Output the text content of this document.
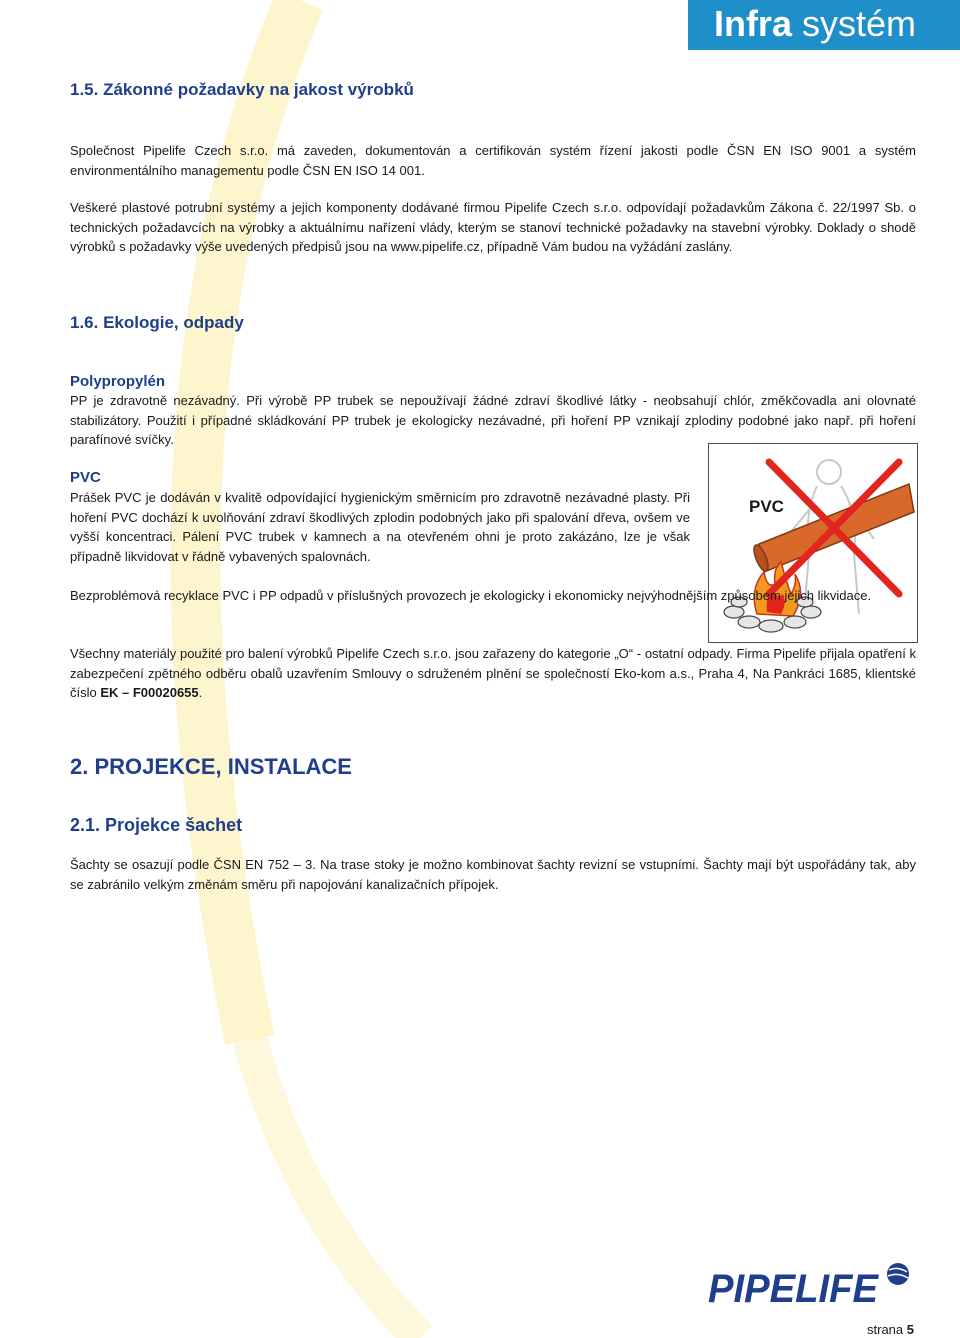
Infra systém
1.5. Zákonné požadavky na jakost výrobků

Společnost Pipelife Czech s.r.o. má zaveden, dokumentován a certifikován systém řízení jakosti podle ČSN EN ISO 9001 a systém environmentálního managementu podle ČSN EN ISO 14 001.

Veškeré plastové potrubní systémy a jejich komponenty dodávané firmou Pipelife Czech s.r.o. odpovídají požadavkům Zákona č. 22/1997 Sb. o technických požadavcích na výrobky a aktuálnímu nařízení vlády, kterým se stanoví technické požadavky na stavební výrobky. Doklady o shodě výrobků s požadavky výše uvedených předpisů jsou na www.pipelife.cz, případně Vám budou na vyžádání zaslány.

1.6. Ekologie, odpady
Polypropylén

PP je zdravotně nezávadný. Při výrobě PP trubek se nepoužívají žádné zdraví škodlivé látky - neobsahují chlór, změkčovadla ani olovnaté stabilizátory. Použití i případné skládkování PP trubek je ekologicky nezávadné, při hoření PP vznikají zplodiny podobné jako např. při hoření parafínové svíčky.

PVC

Prášek PVC je dodáván v kvalitě odpovídající hygienickým směrnicím pro zdravotně nezávadné plasty. Při hoření PVC dochází k uvolňování zdraví škodlivých zplodin podobných jako při spalování dřeva, ovšem ve vyšší koncentraci. Pálení PVC trubek v kamnech a na otevřeném ohni je proto zakázáno, lze je však případně likvidovat v řádně vybavených spalovnách.

PVC

Bezproblémová recyklace PVC i PP odpadů v příslušných provozech je ekologicky i ekonomicky nejvýhodnějším způsobem jejich likvidace.

Všechny materiály použité pro balení výrobků Pipelife Czech s.r.o. jsou zařazeny do kategorie „O“ - ostatní odpady. Firma Pipelife přijala opatření k zabezpečení zpětného odběru obalů uzavřením Smlouvy o sdruženém plnění se společností Eko-kom a.s., Praha 4, Na Pankráci 1685, klientské číslo EK – F00020655.

2. PROJEKCE, INSTALACE
2.1. Projekce šachet

Šachty se osazují podle ČSN EN 752 – 3. Na trase stoky je možno kombinovat šachty revizní se vstupními. Šachty mají být uspořádány tak, aby se zabránilo velkým změnám směru při napojování kanalizačních přípojek.

PIPELIFE
strana 5
